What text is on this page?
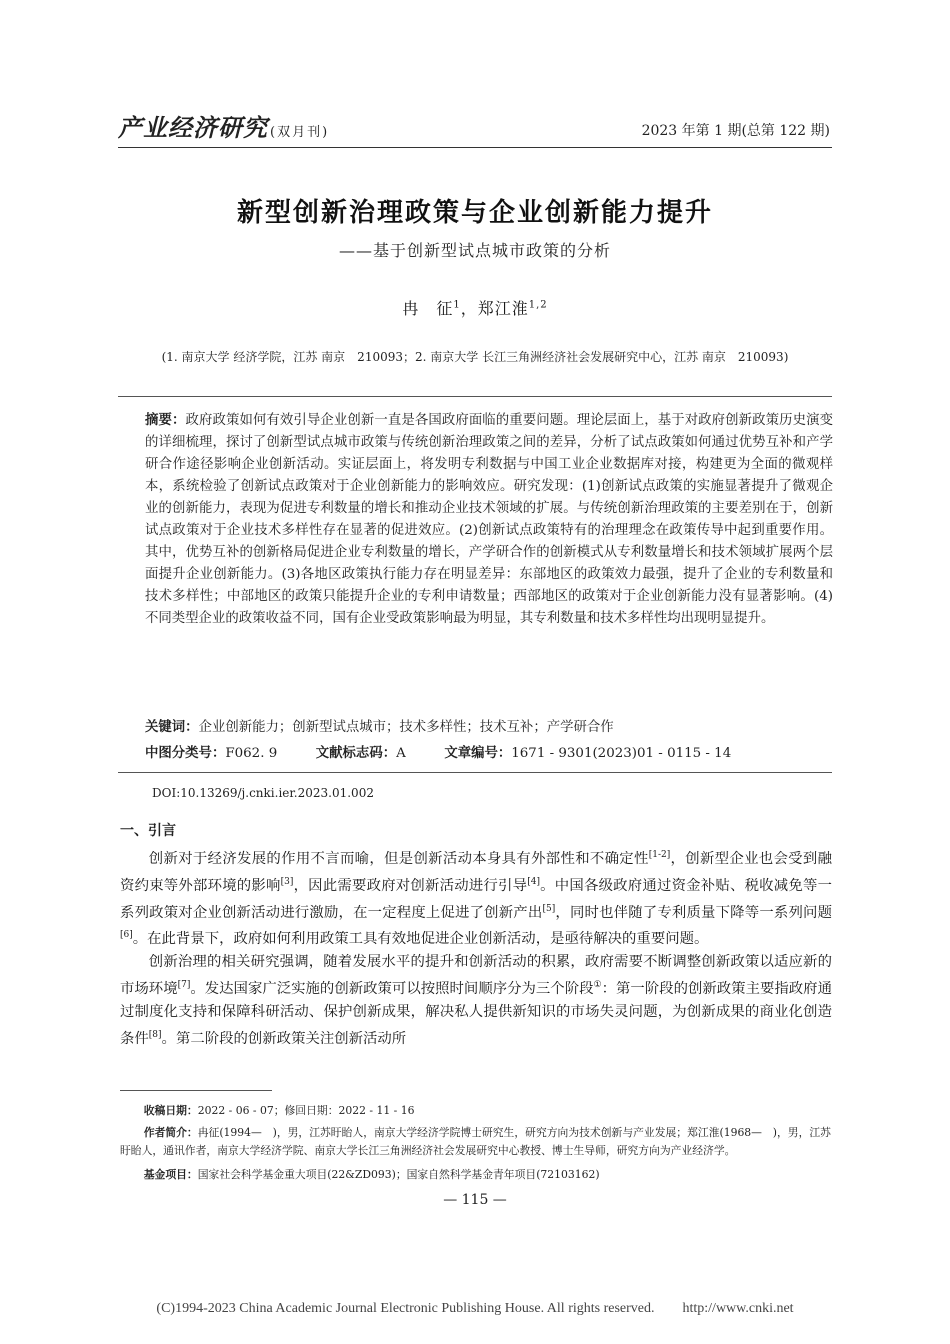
产业经济研究 (双月刊)	2023 年第 1 期(总第 122 期)
新型创新治理政策与企业创新能力提升
——基于创新型试点城市政策的分析
冉　征$^1$，郑江淮$^{1,2}$
(1. 南京大学 经济学院，江苏 南京　210093；2. 南京大学 长江三角洲经济社会发展研究中心，江苏 南京　210093)
摘要：政府政策如何有效引导企业创新一直是各国政府面临的重要问题。理论层面上，基于对政府创新政策历史演变的详细梳理，探讨了创新型试点城市政策与传统创新治理政策之间的差异，分析了试点政策如何通过优势互补和产学研合作途径影响企业创新活动。实证层面上，将发明专利数据与中国工业企业数据库对接，构建更为全面的微观样本，系统检验了创新试点政策对于企业创新能力的影响效应。研究发现：(1)创新试点政策的实施显著提升了微观企业的创新能力，表现为促进专利数量的增长和推动企业技术领域的扩展。与传统创新治理政策的主要差别在于，创新试点政策对于企业技术多样性存在显著的促进效应。(2)创新试点政策特有的治理理念在政策传导中起到重要作用。其中，优势互补的创新格局促进企业专利数量的增长，产学研合作的创新模式从专利数量增长和技术领域扩展两个层面提升企业创新能力。(3)各地区政策执行能力存在明显差异：东部地区的政策效力最强，提升了企业的专利数量和技术多样性；中部地区的政策只能提升企业的专利申请数量；西部地区的政策对于企业创新能力没有显著影响。(4)不同类型企业的政策收益不同，国有企业受政策影响最为明显，其专利数量和技术多样性均出现明显提升。
关键词：企业创新能力；创新型试点城市；技术多样性；技术互补；产学研合作
中图分类号：F062. 9	文献标志码：A	文章编号：1671 - 9301(2023)01 - 0115 - 14
DOI:10.13269/j.cnki.ier.2023.01.002
一、引言

创新对于经济发展的作用不言而喻，但是创新活动本身具有外部性和不确定性[1-2]，创新型企业也会受到融资约束等外部环境的影响[3]，因此需要政府对创新活动进行引导[4]。中国各级政府通过资金补贴、税收减免等一系列政策对企业创新活动进行激励，在一定程度上促进了创新产出[5]，同时也伴随了专利质量下降等一系列问题[6]。在此背景下，政府如何利用政策工具有效地促进企业创新活动，是亟待解决的重要问题。

创新治理的相关研究强调，随着发展水平的提升和创新活动的积累，政府需要不断调整创新政策以适应新的市场环境[7]。发达国家广泛实施的创新政策可以按照时间顺序分为三个阶段①：第一阶段的创新政策主要指政府通过制度化支持和保障科研活动、保护创新成果，解决私人提供新知识的市场失灵问题，为创新成果的商业化创造条件[8]。第二阶段的创新政策关注创新活动所

收稿日期：2022 - 06 - 07；修回日期：2022 - 11 - 16
作者简介：冉征(1994—　)，男，江苏盱眙人，南京大学经济学院博士研究生，研究方向为技术创新与产业发展；郑江淮(1968—　)，男，江苏盱眙人，通讯作者，南京大学经济学院、南京大学长江三角洲经济社会发展研究中心教授、博士生导师，研究方向为产业经济学。
基金项目：国家社会科学基金重大项目(22&ZD093)；国家自然科学基金青年项目(72103162)
— 115 —
(C)1994-2023 China Academic Journal Electronic Publishing House. All rights reserved.　　http://www.cnki.net
